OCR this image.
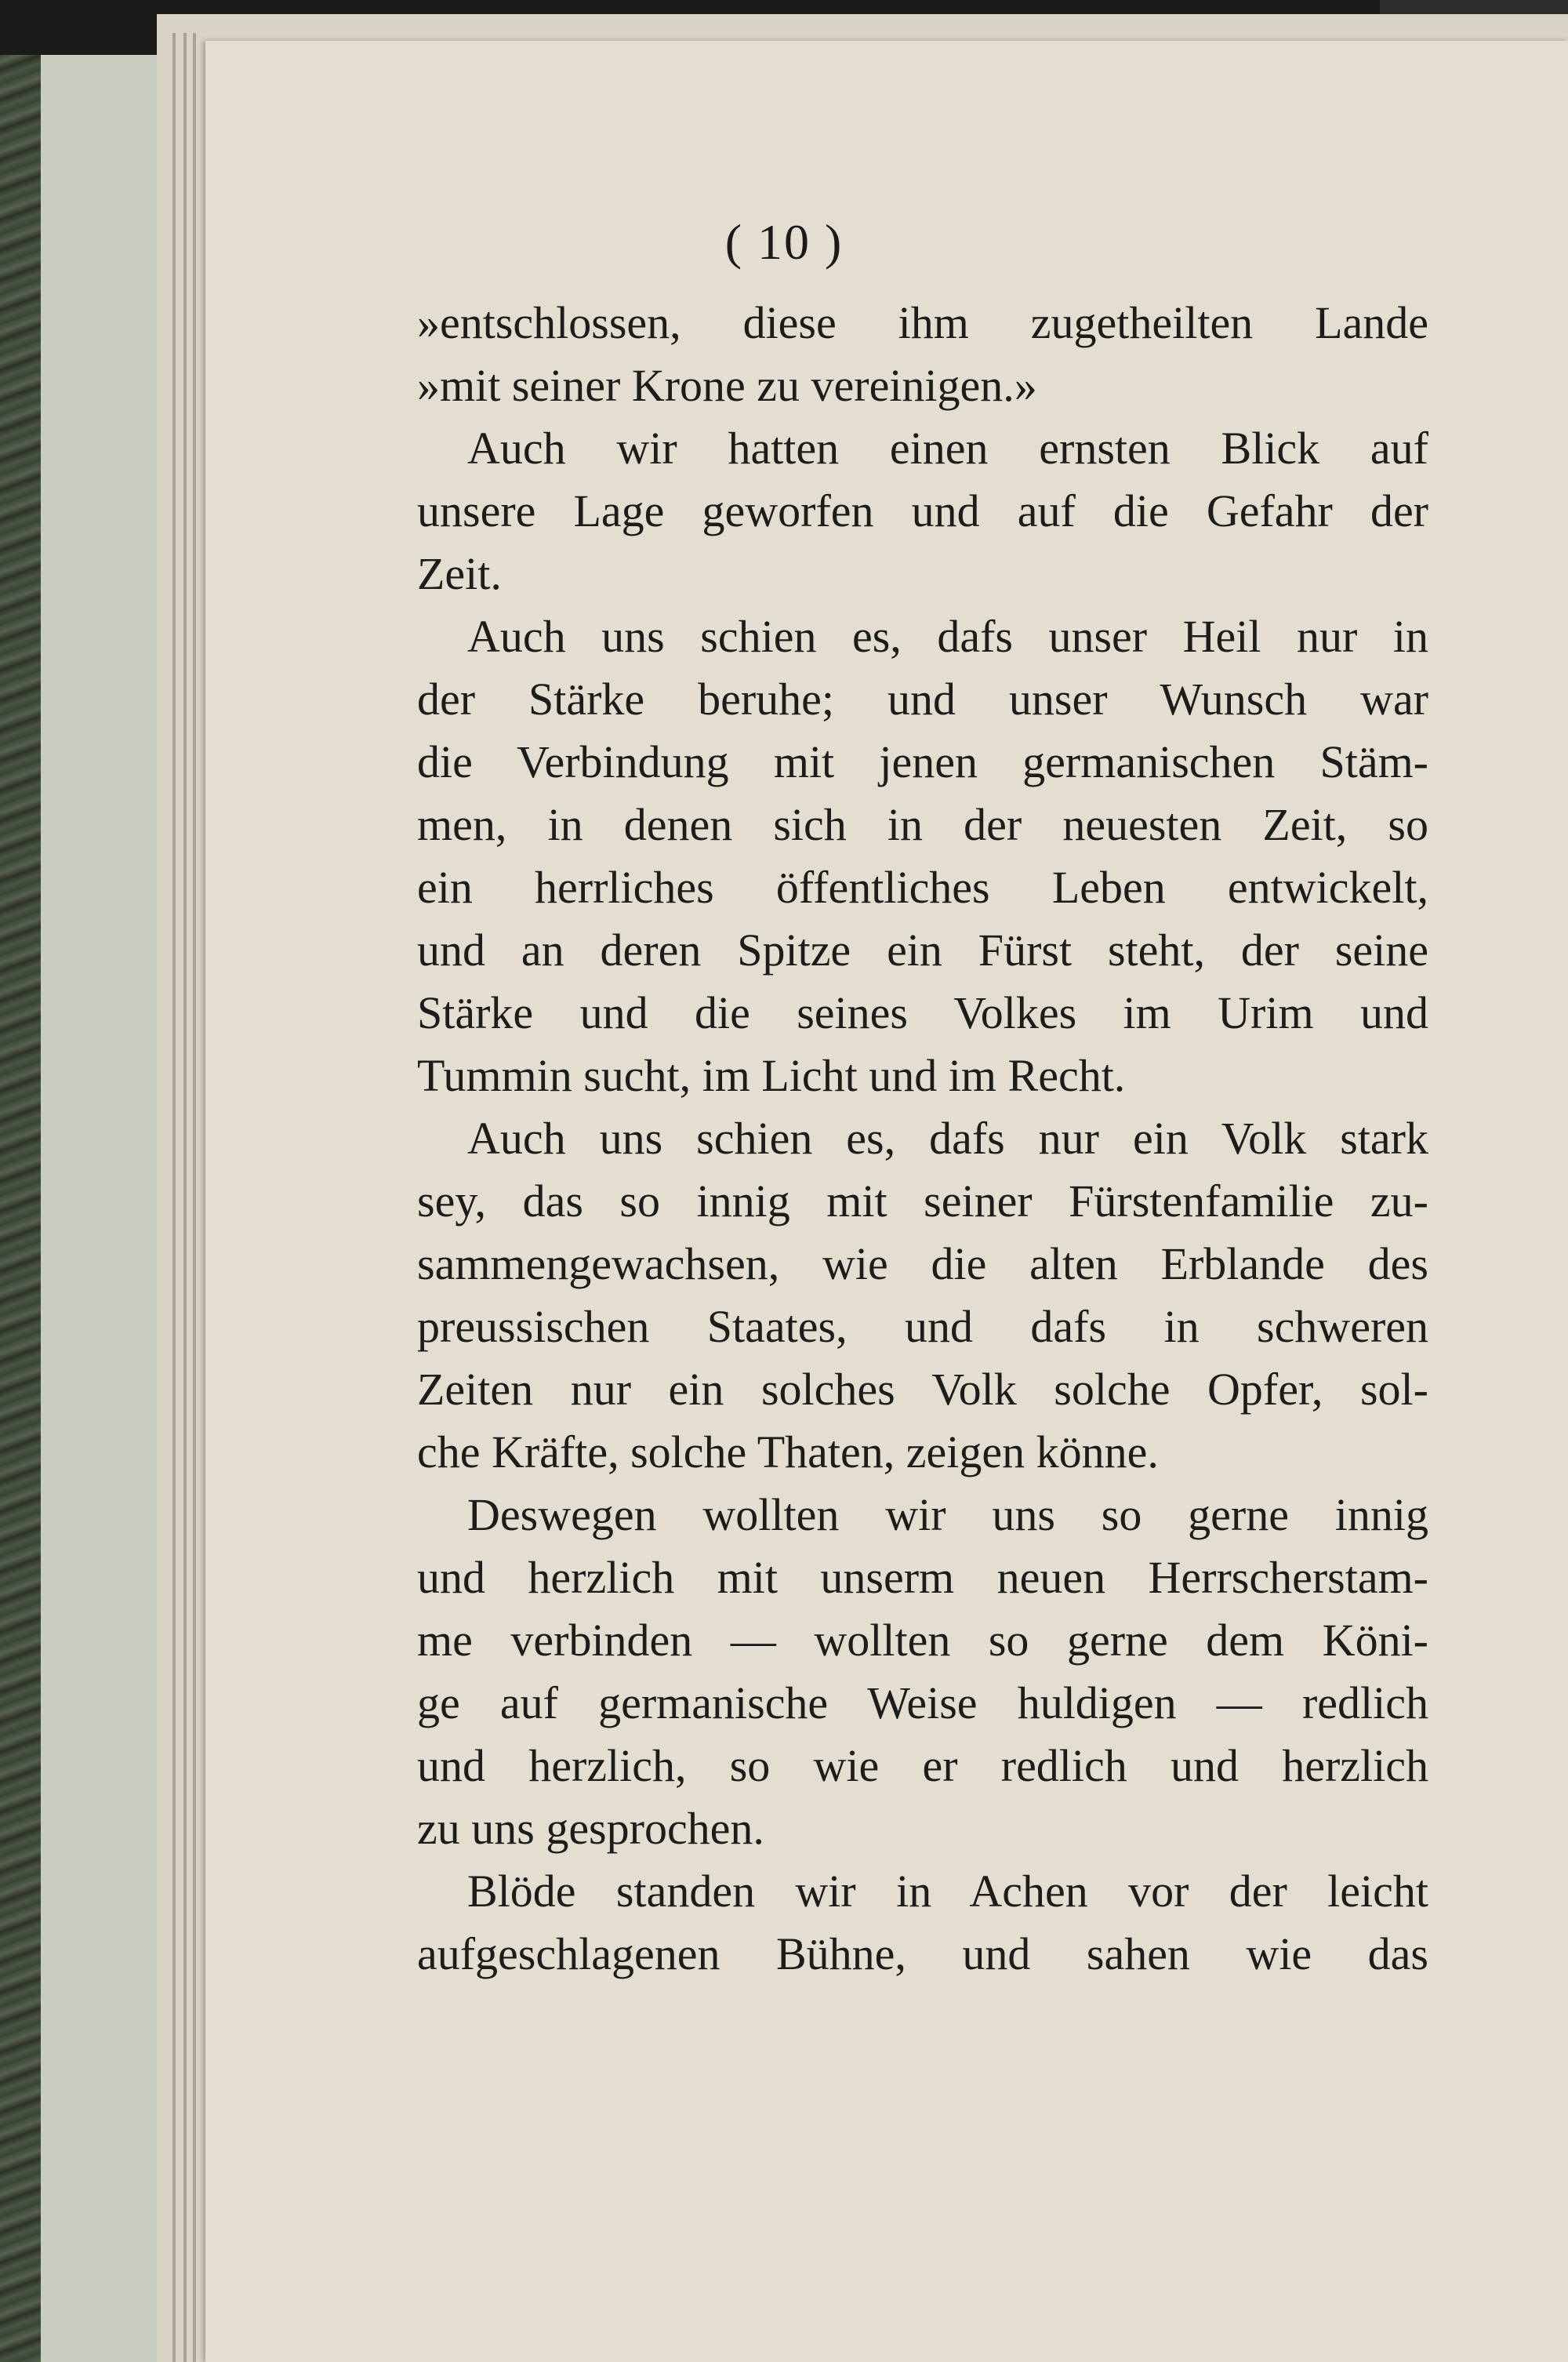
( 10 )
»entschlossen, diese ihm zugetheilten Lande
»mit seiner Krone zu vereinigen.»
Auch wir hatten einen ernsten Blick auf
unsere Lage geworfen und auf die Gefahr der
Zeit.
Auch uns schien es, dafs unser Heil nur in
der Stärke beruhe; und unser Wunsch war
die Verbindung mit jenen germanischen Stäm-
men, in denen sich in der neuesten Zeit, so
ein herrliches öffentliches Leben entwickelt,
und an deren Spitze ein Fürst steht, der seine
Stärke und die seines Volkes im Urim und
Tummin sucht, im Licht und im Recht.
Auch uns schien es, dafs nur ein Volk stark
sey, das so innig mit seiner Fürstenfamilie zu-
sammengewachsen, wie die alten Erblande des
preussischen Staates, und dafs in schweren
Zeiten nur ein solches Volk solche Opfer, sol-
che Kräfte, solche Thaten, zeigen könne.
Deswegen wollten wir uns so gerne innig
und herzlich mit unserm neuen Herrscherstam-
me verbinden — wollten so gerne dem Köni-
ge auf germanische Weise huldigen — redlich
und herzlich, so wie er redlich und herzlich
zu uns gesprochen.
Blöde standen wir in Achen vor der leicht
aufgeschlagenen Bühne, und sahen wie das
